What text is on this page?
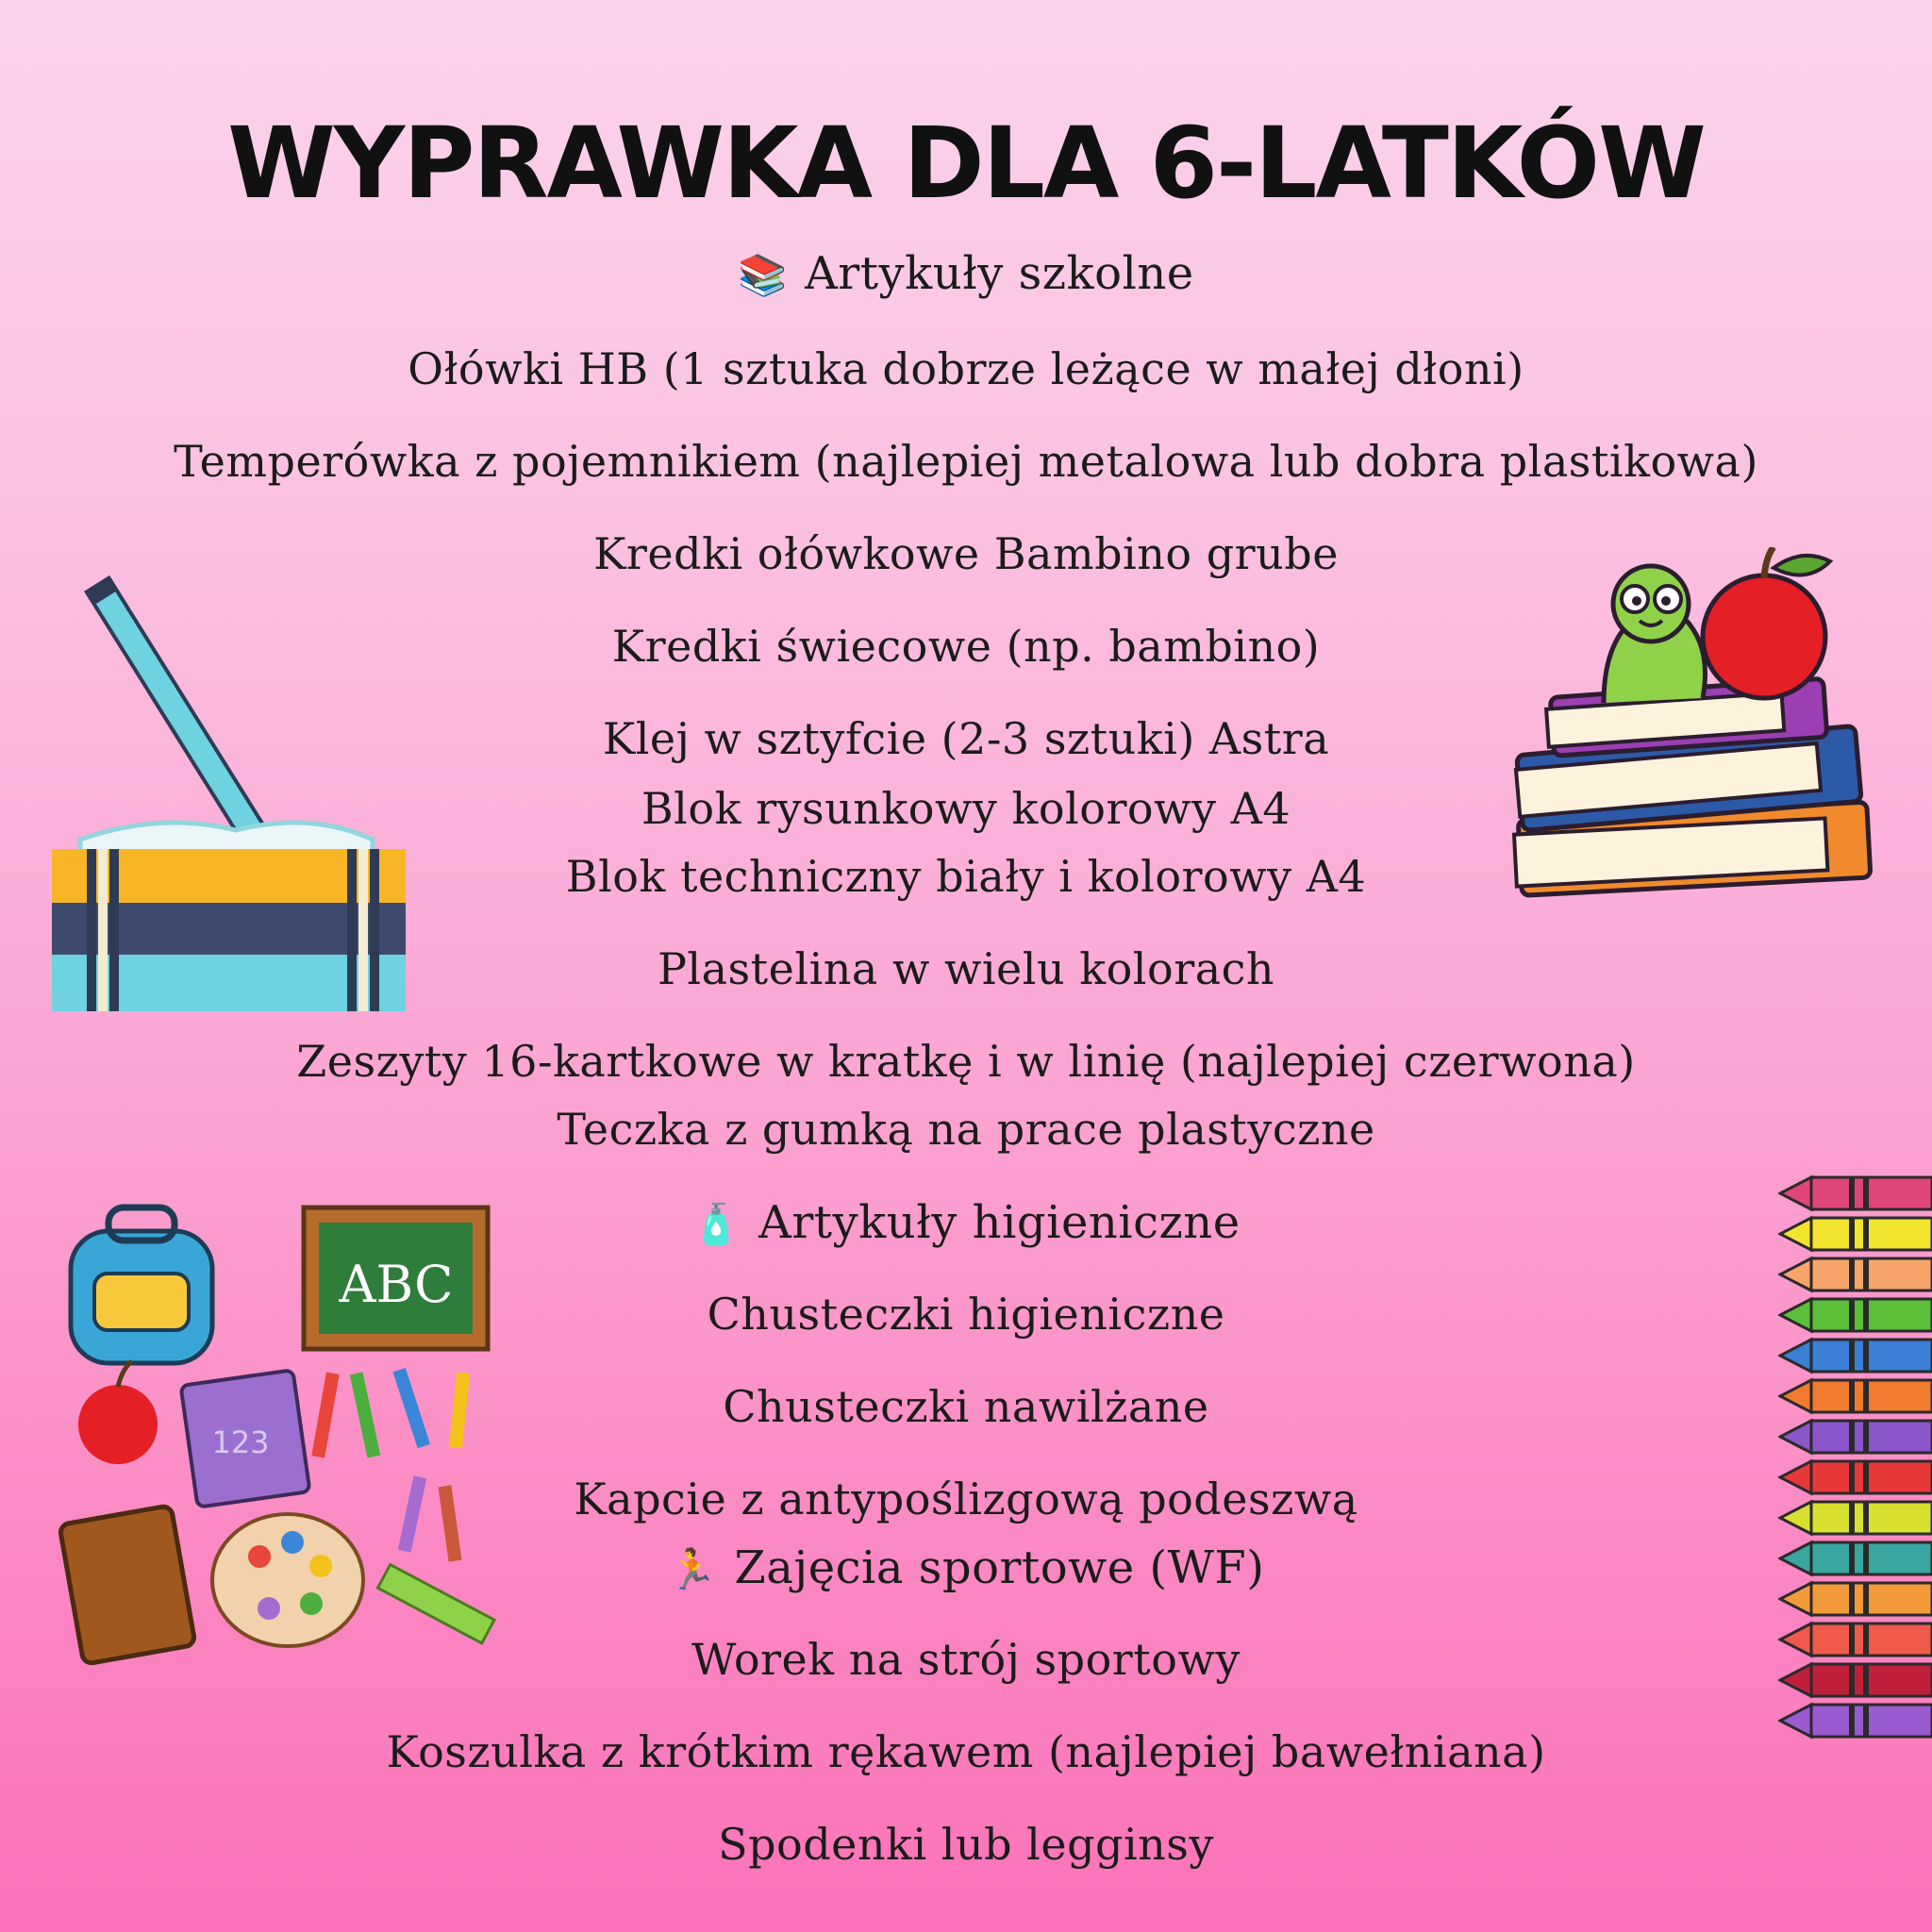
WYPRAWKA DLA 6-LATKÓW
📚 Artykuły szkolne
Ołówki HB (1 sztuka dobrze leżące w małej dłoni)
Temperówka z pojemnikiem (najlepiej metalowa lub dobra plastikowa)
Kredki ołówkowe Bambino grube
Kredki świecowe (np. bambino)
Klej w sztyfcie (2-3 sztuki) Astra
Blok rysunkowy kolorowy A4
Blok techniczny biały i kolorowy A4
Plastelina w wielu kolorach
Zeszyty 16-kartkowe w kratkę i w linię (najlepiej czerwona)
Teczka z gumką na prace plastyczne
🧴 Artykuły higieniczne
Chusteczki higieniczne
Chusteczki nawilżane
Kapcie z antypoślizgową podeszwą
🏃 Zajęcia sportowe (WF)
Worek na strój sportowy
Koszulka z krótkim rękawem (najlepiej bawełniana)
Spodenki lub legginsy
ABC
123
